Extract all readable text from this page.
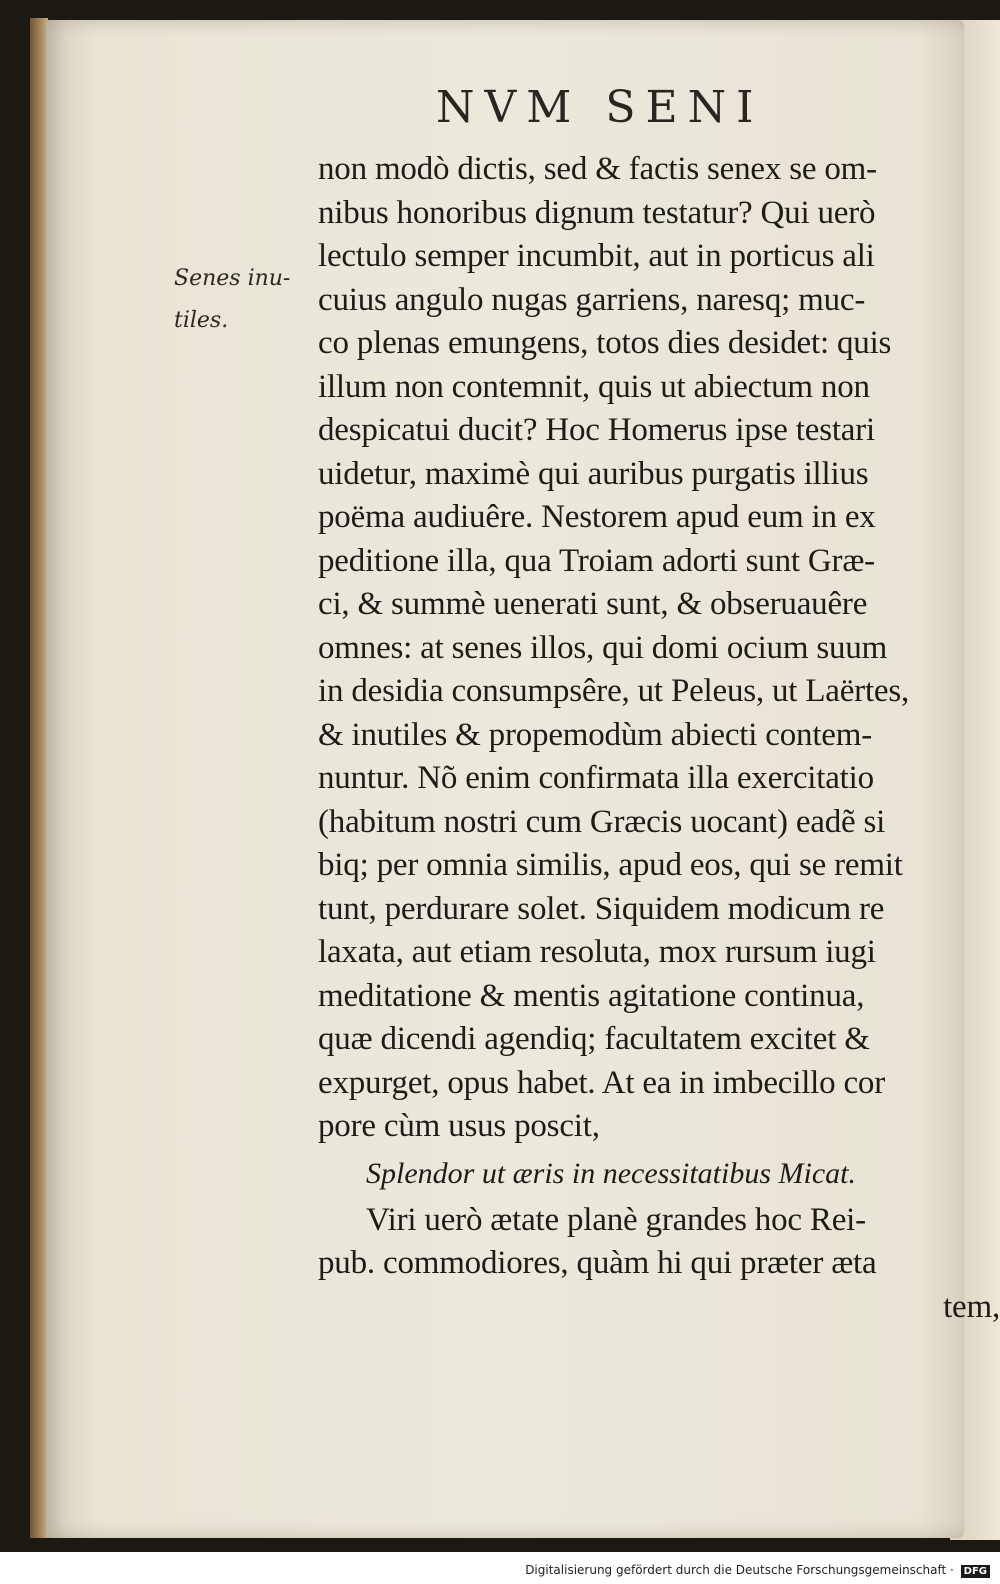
NVM SENI
Senes inu-
tiles.
non modò dictis, sed & factis senex se om-
nibus honoribus dignum testatur? Qui uerò
lectulo semper incumbit, aut in porticus ali
cuius angulo nugas garriens, naresq; muc-
co plenas emungens, totos dies desidet: quis
illum non contemnit, quis ut abiectum non
despicatui ducit? Hoc Homerus ipse testari
uidetur, maximè qui auribus purgatis illius
poëma audiuêre. Nestorem apud eum in ex
peditione illa, qua Troiam adorti sunt Græ-
ci, & summè uenerati sunt, & obseruauêre
omnes: at senes illos, qui domi ocium suum
in desidia consumpsêre, ut Peleus, ut Laërtes,
& inutiles & propemodùm abiecti contem-
nuntur. Nõ enim confirmata illa exercitatio
(habitum nostri cum Græcis uocant) eadẽ si
biq; per omnia similis, apud eos, qui se remit
tunt, perdurare solet. Siquidem modicum re
laxata, aut etiam resoluta, mox rursum iugi
meditatione & mentis agitatione continua,
quæ dicendi agendiq; facultatem excitet &
expurget, opus habet. At ea in imbecillo cor
pore cùm usus poscit,
Splendor ut æris in necessitatibus Micat.
Viri uerò ætate planè grandes hoc Rei-
pub. commodiores, quàm hi qui præter æta
tem,
Digitalisierung gefördert durch die Deutsche Forschungsgemeinschaft · DFG
